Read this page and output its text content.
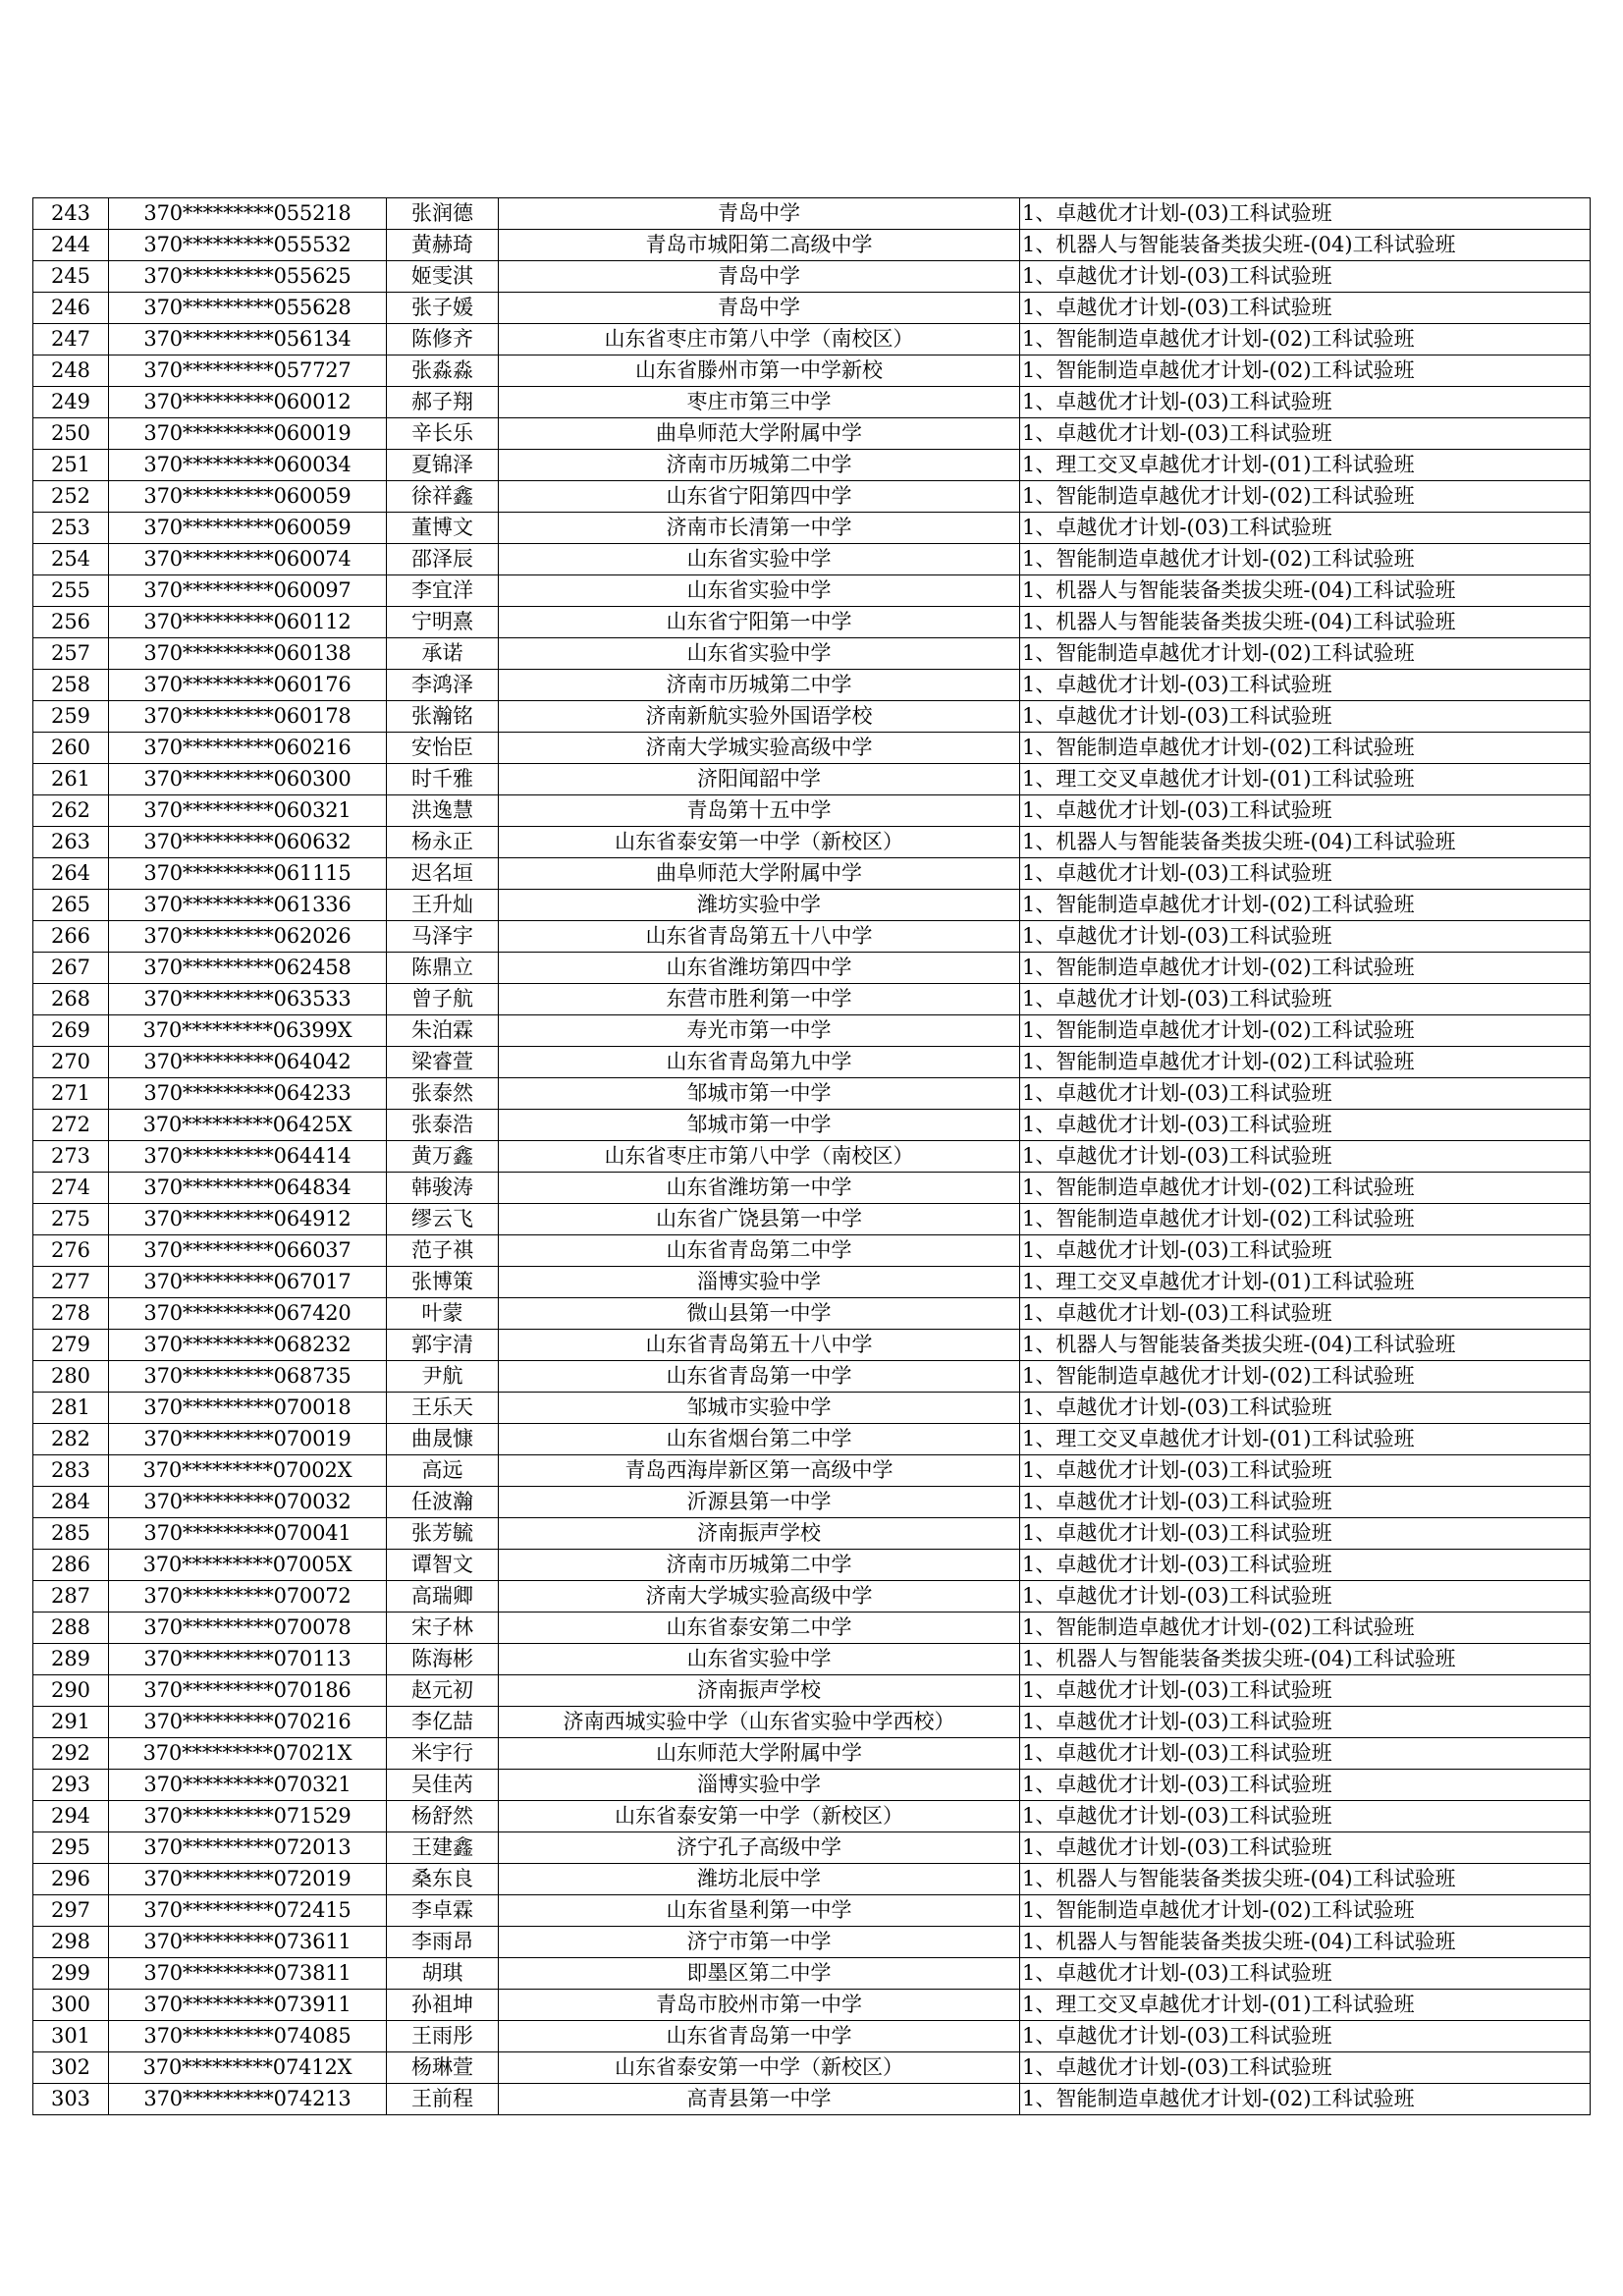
243	370*********055218	张润德	青岛中学	1、卓越优才计划-(03)工科试验班
244	370*********055532	黄赫琦	青岛市城阳第二高级中学	1、机器人与智能装备类拔尖班-(04)工科试验班
245	370*********055625	姬雯淇	青岛中学	1、卓越优才计划-(03)工科试验班
246	370*********055628	张子媛	青岛中学	1、卓越优才计划-(03)工科试验班
247	370*********056134	陈修齐	山东省枣庄市第八中学（南校区）	1、智能制造卓越优才计划-(02)工科试验班
248	370*********057727	张淼淼	山东省滕州市第一中学新校	1、智能制造卓越优才计划-(02)工科试验班
249	370*********060012	郝子翔	枣庄市第三中学	1、卓越优才计划-(03)工科试验班
250	370*********060019	辛长乐	曲阜师范大学附属中学	1、卓越优才计划-(03)工科试验班
251	370*********060034	夏锦泽	济南市历城第二中学	1、理工交叉卓越优才计划-(01)工科试验班
252	370*********060059	徐祥鑫	山东省宁阳第四中学	1、智能制造卓越优才计划-(02)工科试验班
253	370*********060059	董博文	济南市长清第一中学	1、卓越优才计划-(03)工科试验班
254	370*********060074	邵泽辰	山东省实验中学	1、智能制造卓越优才计划-(02)工科试验班
255	370*********060097	李宜洋	山东省实验中学	1、机器人与智能装备类拔尖班-(04)工科试验班
256	370*********060112	宁明熹	山东省宁阳第一中学	1、机器人与智能装备类拔尖班-(04)工科试验班
257	370*********060138	承诺	山东省实验中学	1、智能制造卓越优才计划-(02)工科试验班
258	370*********060176	李鸿泽	济南市历城第二中学	1、卓越优才计划-(03)工科试验班
259	370*********060178	张瀚铭	济南新航实验外国语学校	1、卓越优才计划-(03)工科试验班
260	370*********060216	安怡臣	济南大学城实验高级中学	1、智能制造卓越优才计划-(02)工科试验班
261	370*********060300	时千雅	济阳闻韶中学	1、理工交叉卓越优才计划-(01)工科试验班
262	370*********060321	洪逸慧	青岛第十五中学	1、卓越优才计划-(03)工科试验班
263	370*********060632	杨永正	山东省泰安第一中学（新校区）	1、机器人与智能装备类拔尖班-(04)工科试验班
264	370*********061115	迟名垣	曲阜师范大学附属中学	1、卓越优才计划-(03)工科试验班
265	370*********061336	王升灿	潍坊实验中学	1、智能制造卓越优才计划-(02)工科试验班
266	370*********062026	马泽宇	山东省青岛第五十八中学	1、卓越优才计划-(03)工科试验班
267	370*********062458	陈鼎立	山东省潍坊第四中学	1、智能制造卓越优才计划-(02)工科试验班
268	370*********063533	曾子航	东营市胜利第一中学	1、卓越优才计划-(03)工科试验班
269	370*********06399X	朱泊霖	寿光市第一中学	1、智能制造卓越优才计划-(02)工科试验班
270	370*********064042	梁睿萱	山东省青岛第九中学	1、智能制造卓越优才计划-(02)工科试验班
271	370*********064233	张泰然	邹城市第一中学	1、卓越优才计划-(03)工科试验班
272	370*********06425X	张泰浩	邹城市第一中学	1、卓越优才计划-(03)工科试验班
273	370*********064414	黄万鑫	山东省枣庄市第八中学（南校区）	1、卓越优才计划-(03)工科试验班
274	370*********064834	韩骏涛	山东省潍坊第一中学	1、智能制造卓越优才计划-(02)工科试验班
275	370*********064912	缪云飞	山东省广饶县第一中学	1、智能制造卓越优才计划-(02)工科试验班
276	370*********066037	范子祺	山东省青岛第二中学	1、卓越优才计划-(03)工科试验班
277	370*********067017	张博策	淄博实验中学	1、理工交叉卓越优才计划-(01)工科试验班
278	370*********067420	叶蒙	微山县第一中学	1、卓越优才计划-(03)工科试验班
279	370*********068232	郭宇清	山东省青岛第五十八中学	1、机器人与智能装备类拔尖班-(04)工科试验班
280	370*********068735	尹航	山东省青岛第一中学	1、智能制造卓越优才计划-(02)工科试验班
281	370*********070018	王乐天	邹城市实验中学	1、卓越优才计划-(03)工科试验班
282	370*********070019	曲晟慷	山东省烟台第二中学	1、理工交叉卓越优才计划-(01)工科试验班
283	370*********07002X	高远	青岛西海岸新区第一高级中学	1、卓越优才计划-(03)工科试验班
284	370*********070032	任波瀚	沂源县第一中学	1、卓越优才计划-(03)工科试验班
285	370*********070041	张芳毓	济南振声学校	1、卓越优才计划-(03)工科试验班
286	370*********07005X	谭智文	济南市历城第二中学	1、卓越优才计划-(03)工科试验班
287	370*********070072	高瑞卿	济南大学城实验高级中学	1、卓越优才计划-(03)工科试验班
288	370*********070078	宋子林	山东省泰安第二中学	1、智能制造卓越优才计划-(02)工科试验班
289	370*********070113	陈海彬	山东省实验中学	1、机器人与智能装备类拔尖班-(04)工科试验班
290	370*********070186	赵元初	济南振声学校	1、卓越优才计划-(03)工科试验班
291	370*********070216	李亿喆	济南西城实验中学（山东省实验中学西校）	1、卓越优才计划-(03)工科试验班
292	370*********07021X	米宇行	山东师范大学附属中学	1、卓越优才计划-(03)工科试验班
293	370*********070321	吴佳芮	淄博实验中学	1、卓越优才计划-(03)工科试验班
294	370*********071529	杨舒然	山东省泰安第一中学（新校区）	1、卓越优才计划-(03)工科试验班
295	370*********072013	王建鑫	济宁孔子高级中学	1、卓越优才计划-(03)工科试验班
296	370*********072019	桑东良	潍坊北辰中学	1、机器人与智能装备类拔尖班-(04)工科试验班
297	370*********072415	李卓霖	山东省垦利第一中学	1、智能制造卓越优才计划-(02)工科试验班
298	370*********073611	李雨昂	济宁市第一中学	1、机器人与智能装备类拔尖班-(04)工科试验班
299	370*********073811	胡琪	即墨区第二中学	1、卓越优才计划-(03)工科试验班
300	370*********073911	孙祖坤	青岛市胶州市第一中学	1、理工交叉卓越优才计划-(01)工科试验班
301	370*********074085	王雨彤	山东省青岛第一中学	1、卓越优才计划-(03)工科试验班
302	370*********07412X	杨琳萱	山东省泰安第一中学（新校区）	1、卓越优才计划-(03)工科试验班
303	370*********074213	王前程	高青县第一中学	1、智能制造卓越优才计划-(02)工科试验班
